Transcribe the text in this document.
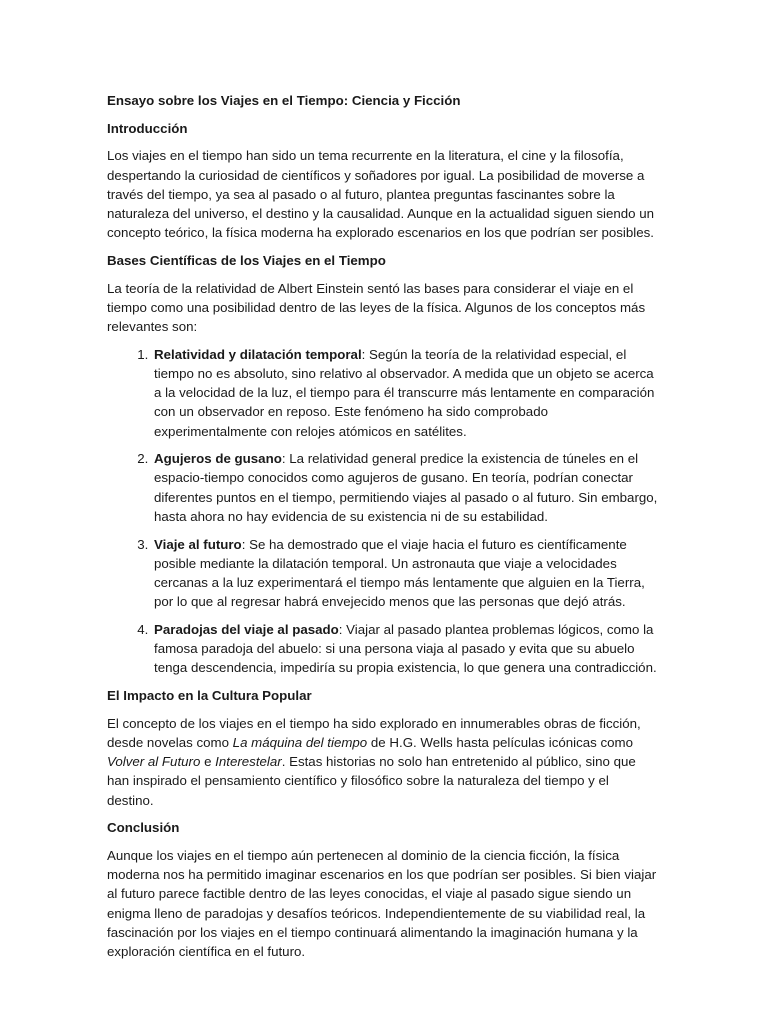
Ensayo sobre los Viajes en el Tiempo: Ciencia y Ficción
Introducción

Los viajes en el tiempo han sido un tema recurrente en la literatura, el cine y la filosofía, despertando la curiosidad de científicos y soñadores por igual. La posibilidad de moverse a través del tiempo, ya sea al pasado o al futuro, plantea preguntas fascinantes sobre la naturaleza del universo, el destino y la causalidad. Aunque en la actualidad siguen siendo un concepto teórico, la física moderna ha explorado escenarios en los que podrían ser posibles.

Bases Científicas de los Viajes en el Tiempo

La teoría de la relatividad de Albert Einstein sentó las bases para considerar el viaje en el tiempo como una posibilidad dentro de las leyes de la física. Algunos de los conceptos más relevantes son:

1. Relatividad y dilatación temporal: Según la teoría de la relatividad especial, el tiempo no es absoluto, sino relativo al observador. A medida que un objeto se acerca a la velocidad de la luz, el tiempo para él transcurre más lentamente en comparación con un observador en reposo. Este fenómeno ha sido comprobado experimentalmente con relojes atómicos en satélites.
2. Agujeros de gusano: La relatividad general predice la existencia de túneles en el espacio-tiempo conocidos como agujeros de gusano. En teoría, podrían conectar diferentes puntos en el tiempo, permitiendo viajes al pasado o al futuro. Sin embargo, hasta ahora no hay evidencia de su existencia ni de su estabilidad.
3. Viaje al futuro: Se ha demostrado que el viaje hacia el futuro es científicamente posible mediante la dilatación temporal. Un astronauta que viaje a velocidades cercanas a la luz experimentará el tiempo más lentamente que alguien en la Tierra, por lo que al regresar habrá envejecido menos que las personas que dejó atrás.
4. Paradojas del viaje al pasado: Viajar al pasado plantea problemas lógicos, como la famosa paradoja del abuelo: si una persona viaja al pasado y evita que su abuelo tenga descendencia, impediría su propia existencia, lo que genera una contradicción.
El Impacto en la Cultura Popular

El concepto de los viajes en el tiempo ha sido explorado en innumerables obras de ficción, desde novelas como La máquina del tiempo de H.G. Wells hasta películas icónicas como Volver al Futuro e Interestelar. Estas historias no solo han entretenido al público, sino que han inspirado el pensamiento científico y filosófico sobre la naturaleza del tiempo y el destino.

Conclusión

Aunque los viajes en el tiempo aún pertenecen al dominio de la ciencia ficción, la física moderna nos ha permitido imaginar escenarios en los que podrían ser posibles. Si bien viajar al futuro parece factible dentro de las leyes conocidas, el viaje al pasado sigue siendo un enigma lleno de paradojas y desafíos teóricos. Independientemente de su viabilidad real, la fascinación por los viajes en el tiempo continuará alimentando la imaginación humana y la exploración científica en el futuro.
